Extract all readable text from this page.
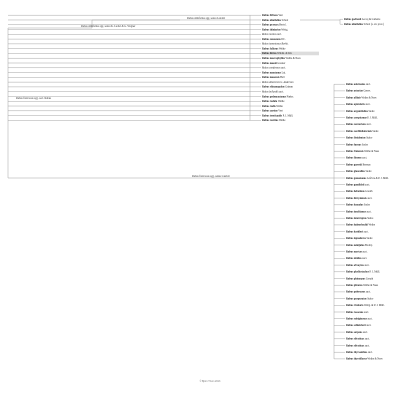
Rubus fruticosus agg. sect. Rubus
Rubus ulmifolius agg. sensu K. Ludwi & G. Wagner
Rubus ulmifolius agg. sensu Landolt
Rubus bifrons Vest
Rubus ulmifolius Schott
Rubus praecox Bertol.
Rubus thiniarius Weitg.
Rubus noxius auct.
Rubus canescens DC.
Rubus tomentosus Borkh.
Rubus follosus Weihe
Rubus hirtus Waldst. & Kit.
Rubus macrophyllus Weihe & Nees
Rubus meesii Greuter
Rubus condensus auct.
Rubus muntanus Lej.
Rubus mesensis Hall
Rubus alberensis G. Anderson
Rubus rhinanopolus Grimm
Rubus bellardii auct.
Rubus pedemontanus Pinkw.
Rubus radula Weihe
Rubus rudis Weihe
Rubus caesius Vest
Rubus tereticaulis P. J. Müll.
Rubus vestitus Weihe
Rubus godronii Lecoq & Lamotte
Rubus ulmifolius Schott (s. str. prov.)
Rubus fruticosus agg. sensu Landolt
Rubus adornatus auct.
Rubus asturiae Genev.
Rubus affinis Weihe & Nees
Rubus apicularis auct.
Rubus argentifolius Sudre
Rubus crespicenae P. J. Müll.
Rubus convertens auct.
Rubus cordifolioformis Sudre
Rubus fissidentus Sudre
Rubus furnus Sudre
Rubus frutensis Weihe & Nees
Rubus flexens auct.
Rubus gaesstii Bremas
Rubus glaucellus Sudre
Rubus gunsaianus Lefèvre & P. J. Müll.
Rubus gundhlyii auct.
Rubus hebetinus Greuth
Rubus hirtyalensis auct.
Rubus homalus Sudre
Rubus insolitanus auct.
Rubus interruptus Sudre
Rubus ludensbachii Weihe
Rubus koehleri auct.
Rubus lepnaluvus Sudre
Rubus minijulus Brodtp
Rubus myrtae auct.
Rubus nitidus auct.
Rubus obvaytus auct.
Rubus phyllostachys P. J. Müll.
Rubus phinorpus Greuth
Rubus plicatus Weihe & Nees
Rubus pubescens auct.
Rubus purpuratus Sudre
Rubus rivularis Weitg. & P. J. Müll.
Rubus rosaceus auct.
Rubus rubiginosus auct.
Rubus schleicheri auct.
Rubus serpens auct.
Rubus silvaticus auct.
Rubus silvaticus auct.
Rubus thyrsanthus auct.
Rubus thyrsiflorus Weihe & Nees
© Björn Thum 2013
